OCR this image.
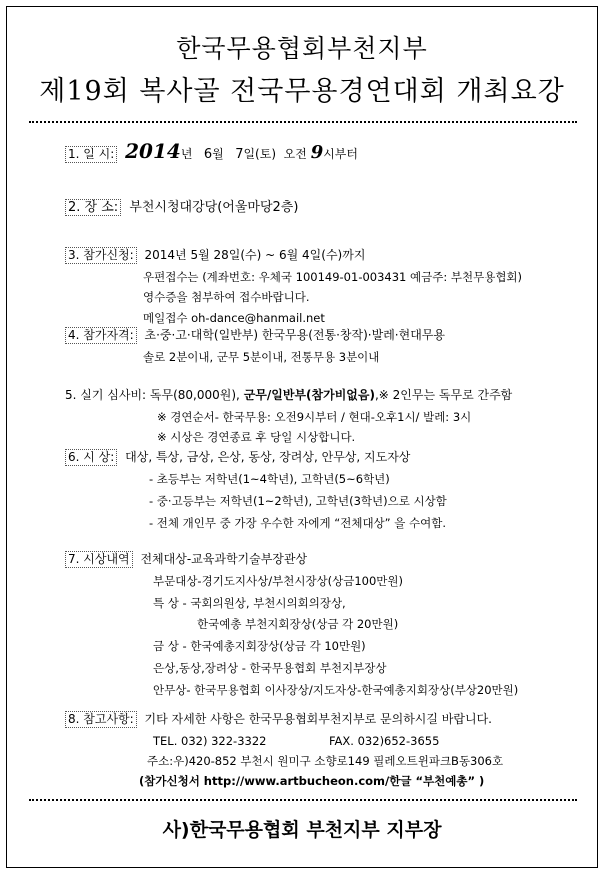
한국무용협회부천지부
제19회 복사골 전국무용경연대회 개최요강
1. 일 시: 2014년 6월 7일(토) 오전 9시부터
2. 장 소: 부천시청대강당(어울마당2층)
3. 참가신청: 2014년 5월 28일(수) ~ 6월 4일(수)까지
우편접수는 (계좌번호: 우체국 100149-01-003431 예금주: 부천무용협회)
영수증을 첨부하여 접수바랍니다.
메일접수 oh-dance@hanmail.net
4. 참가자격: 초·중·고·대학(일반부) 한국무용(전통·창작)·발레·현대무용
솔로 2분이내, 군무 5분이내, 전통무용 3분이내
5. 실기 심사비: 독무(80,000원), 군무/일반부(참가비없음),※ 2인무는 독무로 간주함
※ 경연순서- 한국무용: 오전9시부터 / 현대-오후1시/ 발레: 3시
※ 시상은 경연종료 후 당일 시상합니다.
6. 시 상: 대상, 특상, 금상, 은상, 동상, 장려상, 안무상, 지도자상
- 초등부는 저학년(1~4학년), 고학년(5~6학년)
- 중·고등부는 저학년(1~2학년), 고학년(3학년)으로 시상함
- 전체 개인무 중 가장 우수한 자에게 “전체대상” 을 수여함.
7. 시상내역 전체대상-교육과학기술부장관상
부문대상-경기도지사상/부천시장상(상금100만원)
특 상 - 국회의원상, 부천시의회의장상,
한국예총 부천지회장상(상금 각 20만원)
금 상 - 한국예총지회장상(상금 각 10만원)
은상,동상,장려상 - 한국무용협회 부천지부장상
안무상- 한국무용협회 이사장상/지도자상-한국예총지회장상(부상20만원)
8. 참고사항: 기타 자세한 사항은 한국무용협회부천지부로 문의하시길 바랍니다.
TEL. 032) 322-3322	FAX. 032)652-3655
주소:우)420-852 부천시 원미구 소향로149 필레오트윈파크B동306호
(참가신청서 http://www.artbucheon.com/한글 “부천예총” )
사)한국무용협회 부천지부 지부장
